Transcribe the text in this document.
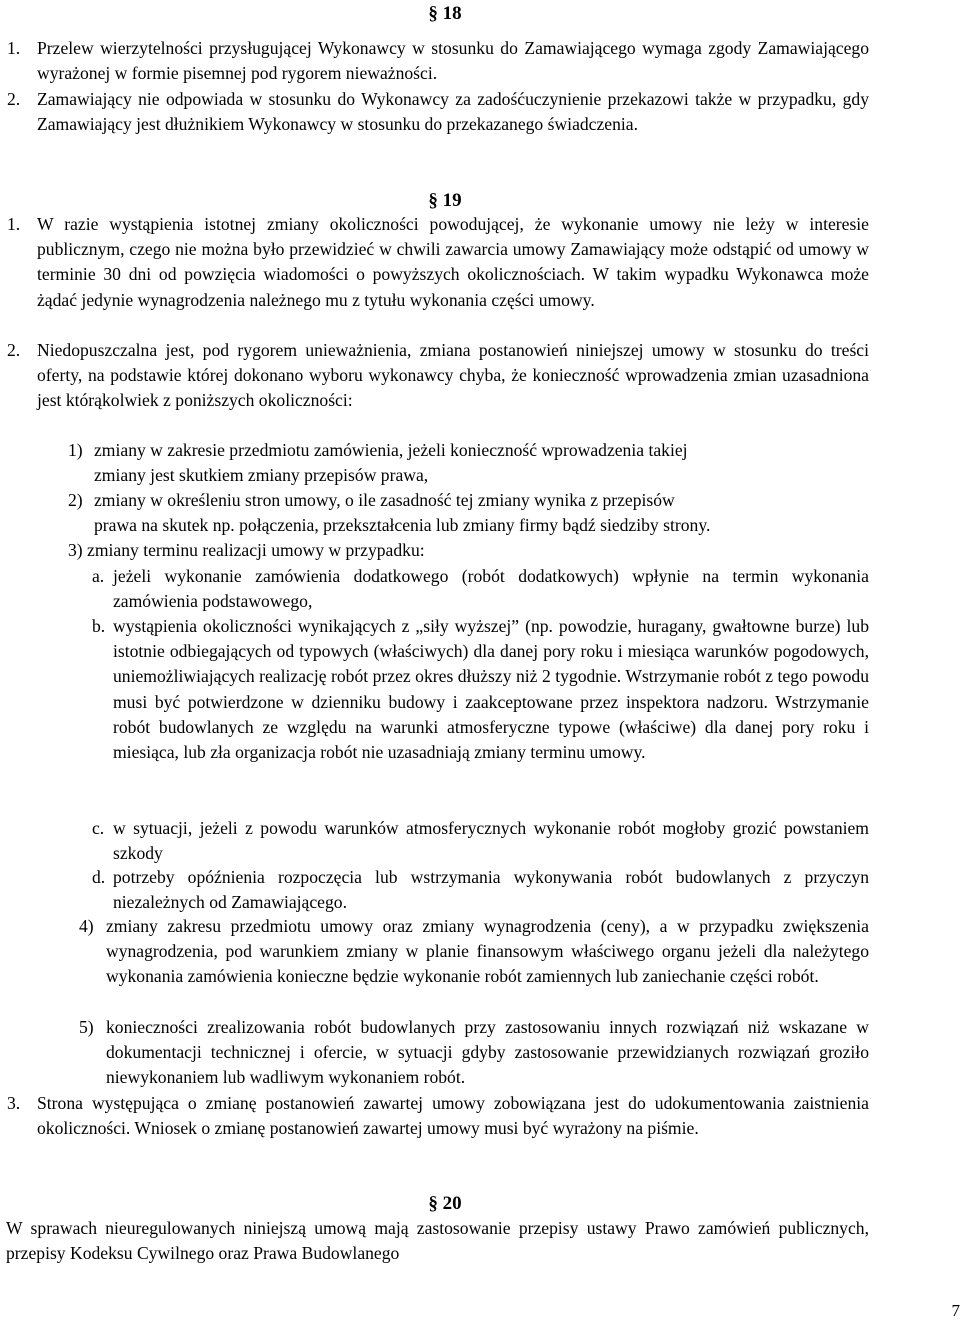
§ 18
1. Przelew wierzytelności przysługującej Wykonawcy w stosunku do Zamawiającego wymaga zgody Zamawiającego wyrażonej w formie pisemnej pod rygorem nieważności.
2. Zamawiający nie odpowiada w stosunku do Wykonawcy za zadośćuczynienie przekazowi także w przypadku, gdy Zamawiający jest dłużnikiem Wykonawcy w stosunku do przekazanego świadczenia.
§ 19
1. W razie wystąpienia istotnej zmiany okoliczności powodującej, że wykonanie umowy nie leży w interesie publicznym, czego nie można było przewidzieć w chwili zawarcia umowy Zamawiający może odstąpić od umowy w terminie 30 dni od powzięcia wiadomości o powyższych okolicznościach. W takim wypadku Wykonawca może żądać jedynie wynagrodzenia należnego mu z tytułu wykonania części umowy.
2. Niedopuszczalna jest, pod rygorem unieważnienia, zmiana postanowień niniejszej umowy w stosunku do treści oferty, na podstawie której dokonano wyboru wykonawcy chyba, że konieczność wprowadzenia zmian uzasadniona jest którąkolwiek z poniższych okoliczności:
1) zmiany w zakresie przedmiotu zamówienia, jeżeli konieczność wprowadzenia takiej
zmiany jest skutkiem zmiany przepisów prawa,
2) zmiany w określeniu stron umowy, o ile zasadność tej zmiany wynika z przepisów
prawa na skutek np. połączenia, przekształcenia lub zmiany firmy bądź siedziby strony.
3) zmiany terminu realizacji umowy w przypadku:
a. jeżeli wykonanie zamówienia dodatkowego (robót dodatkowych) wpłynie na termin wykonania zamówienia podstawowego,
b. wystąpienia okoliczności wynikających z „siły wyższej” (np. powodzie, huragany, gwałtowne burze) lub istotnie odbiegających od typowych (właściwych) dla danej pory roku i miesiąca warunków pogodowych, uniemożliwiających realizację robót przez okres dłuższy niż 2 tygodnie. Wstrzymanie robót z tego powodu musi być potwierdzone w dzienniku budowy i zaakceptowane przez inspektora nadzoru. Wstrzymanie robót budowlanych ze względu na warunki atmosferyczne typowe (właściwe) dla danej pory roku i miesiąca, lub zła organizacja robót nie uzasadniają zmiany terminu umowy.
c. w sytuacji, jeżeli z powodu warunków atmosferycznych wykonanie robót mogłoby grozić powstaniem szkody
d. potrzeby opóźnienia rozpoczęcia lub wstrzymania wykonywania robót budowlanych z przyczyn niezależnych od Zamawiającego.
4) zmiany zakresu przedmiotu umowy oraz zmiany wynagrodzenia (ceny), a w przypadku zwiększenia wynagrodzenia, pod warunkiem zmiany w planie finansowym właściwego organu jeżeli dla należytego wykonania zamówienia konieczne będzie wykonanie robót zamiennych lub zaniechanie części robót.
5) konieczności zrealizowania robót budowlanych przy zastosowaniu innych rozwiązań niż wskazane w dokumentacji technicznej i ofercie, w sytuacji gdyby zastosowanie przewidzianych rozwiązań groziło niewykonaniem lub wadliwym wykonaniem robót.
3. Strona występująca o zmianę postanowień zawartej umowy zobowiązana jest do udokumentowania zaistnienia okoliczności. Wniosek o zmianę postanowień zawartej umowy musi być wyrażony na piśmie.
§ 20
W sprawach nieuregulowanych niniejszą umową mają zastosowanie przepisy ustawy Prawo zamówień publicznych, przepisy Kodeksu Cywilnego oraz Prawa Budowlanego
7
